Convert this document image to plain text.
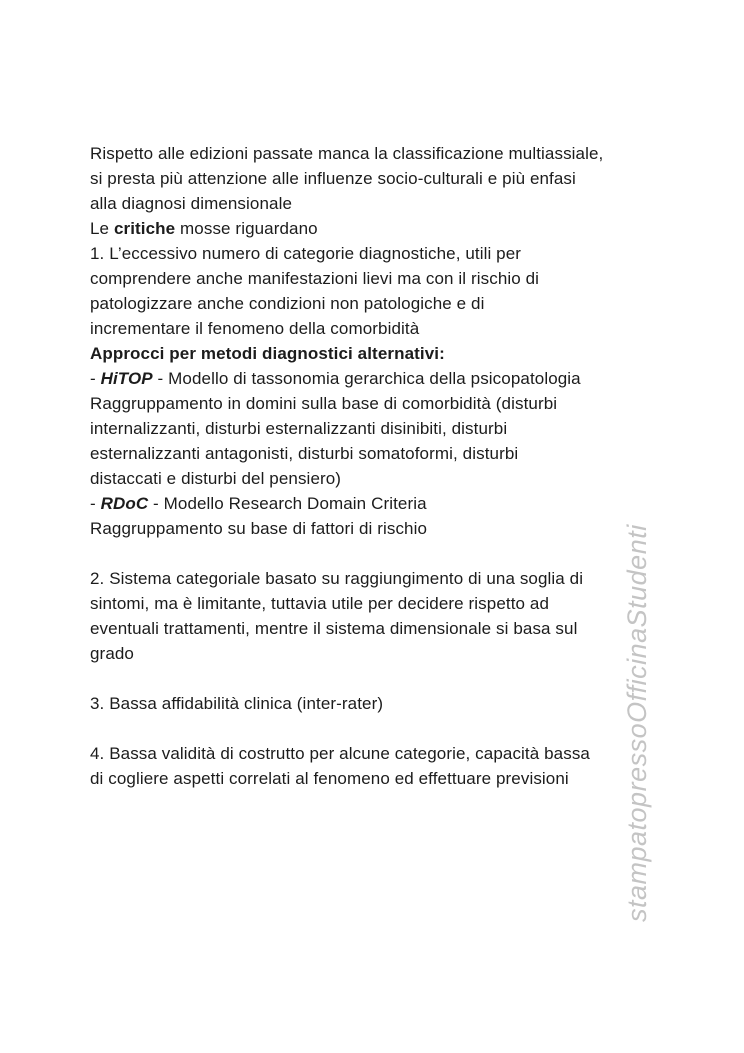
Rispetto alle edizioni passate manca la classificazione multiassiale,
si presta più attenzione alle influenze socio-culturali e più enfasi
alla diagnosi dimensionale
Le critiche mosse riguardano
1. L’eccessivo numero di categorie diagnostiche, utili per
comprendere anche manifestazioni lievi ma con il rischio di
patologizzare anche condizioni non patologiche e di
incrementare il fenomeno della comorbidità
Approcci per metodi diagnostici alternativi:
- HiTOP - Modello di tassonomia gerarchica della psicopatologia
Raggruppamento in domini sulla base di comorbidità (disturbi
internalizzanti, disturbi esternalizzanti disinibiti, disturbi
esternalizzanti antagonisti, disturbi somatoformi, disturbi
distaccati e disturbi del pensiero)
- RDoC - Modello Research Domain Criteria
Raggruppamento su base di fattori di rischio
2. Sistema categoriale basato su raggiungimento di una soglia di
sintomi, ma è limitante, tuttavia utile per decidere rispetto ad
eventuali trattamenti, mentre il sistema dimensionale si basa sul
grado
3. Bassa affidabilità clinica (inter-rater)
4. Bassa validità di costrutto per alcune categorie, capacità bassa
di cogliere aspetti correlati al fenomeno ed effettuare previsioni	stampatopressoOfficinaStudenti
